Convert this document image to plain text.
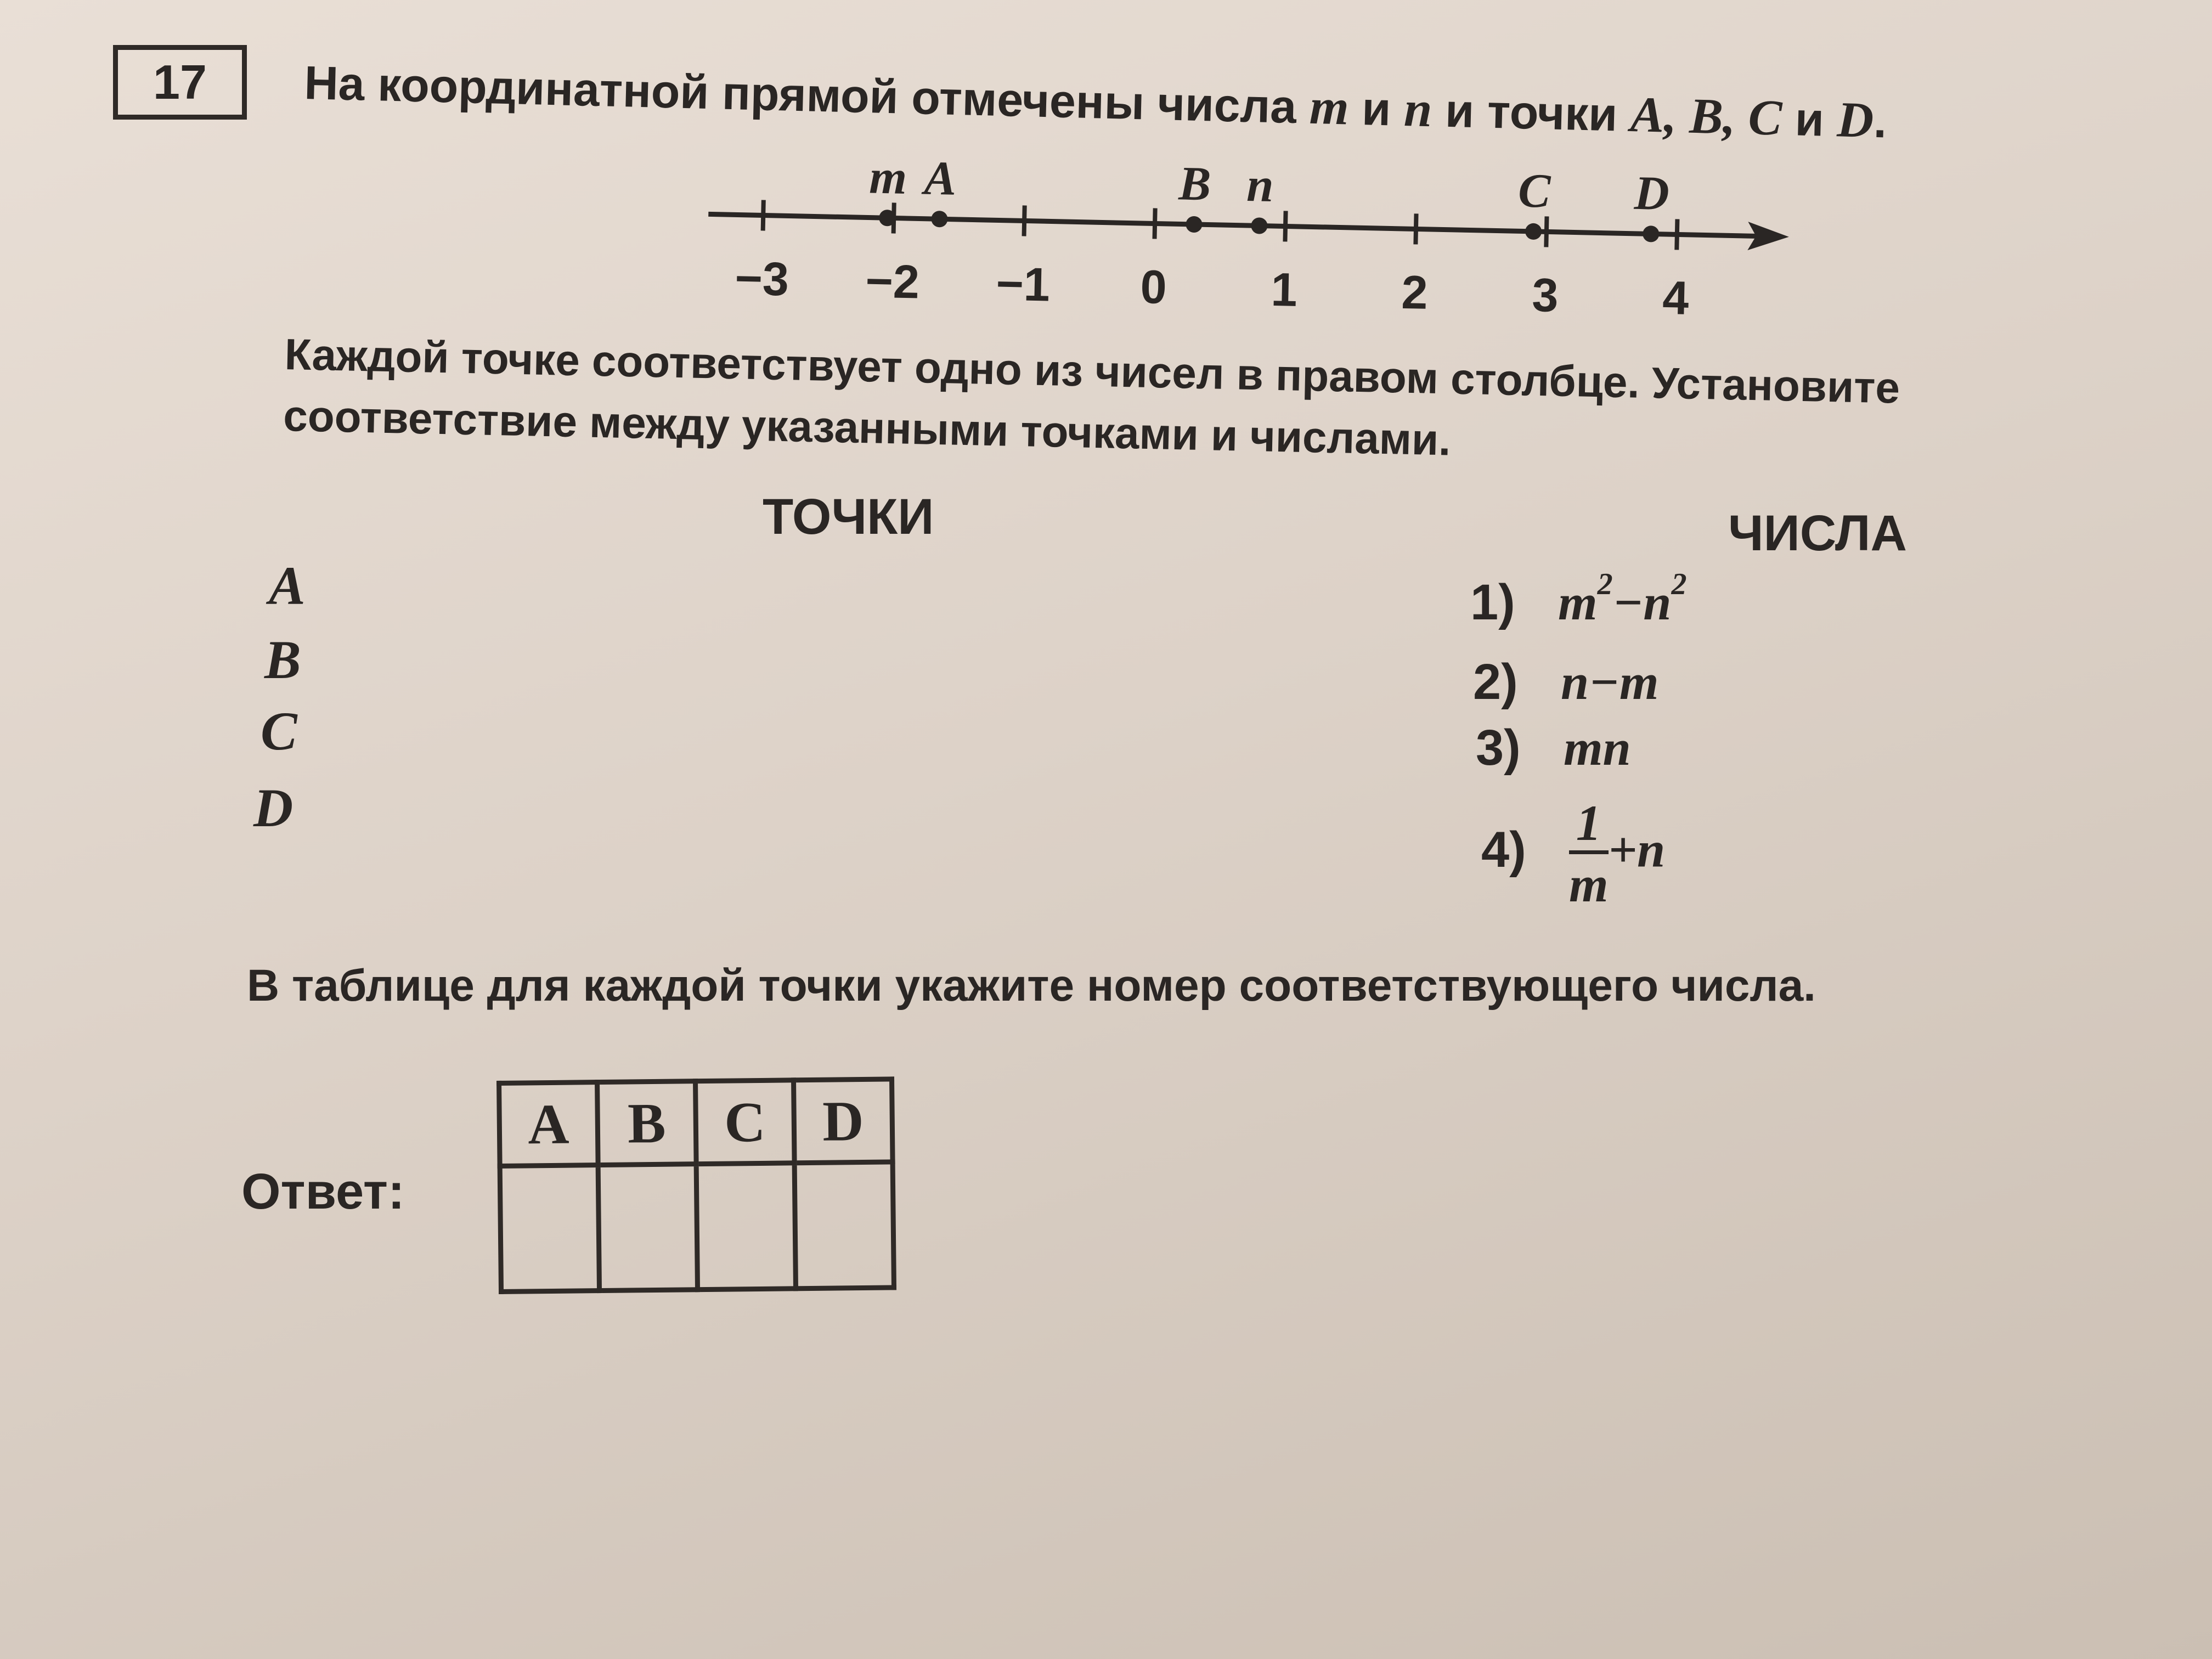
17 На координатной прямой отмечены числа m и n и точки A, B, C и D.
−3 −2 −1 0 1 2 3 4
m A	B n	C D
Каждой точке соответствует одно из чисел в правом столбце. Установите
соответствие между указанными точками и числами.
ТОЧКИ	ЧИСЛА
A
B
C
D
1) $m^2-n^2$
2) n−m
3) mn
$4) \frac{1}{m} +n$
В таблице для каждой точки укажите номер соответствующего числа.
Ответ:
A	B	C	D
